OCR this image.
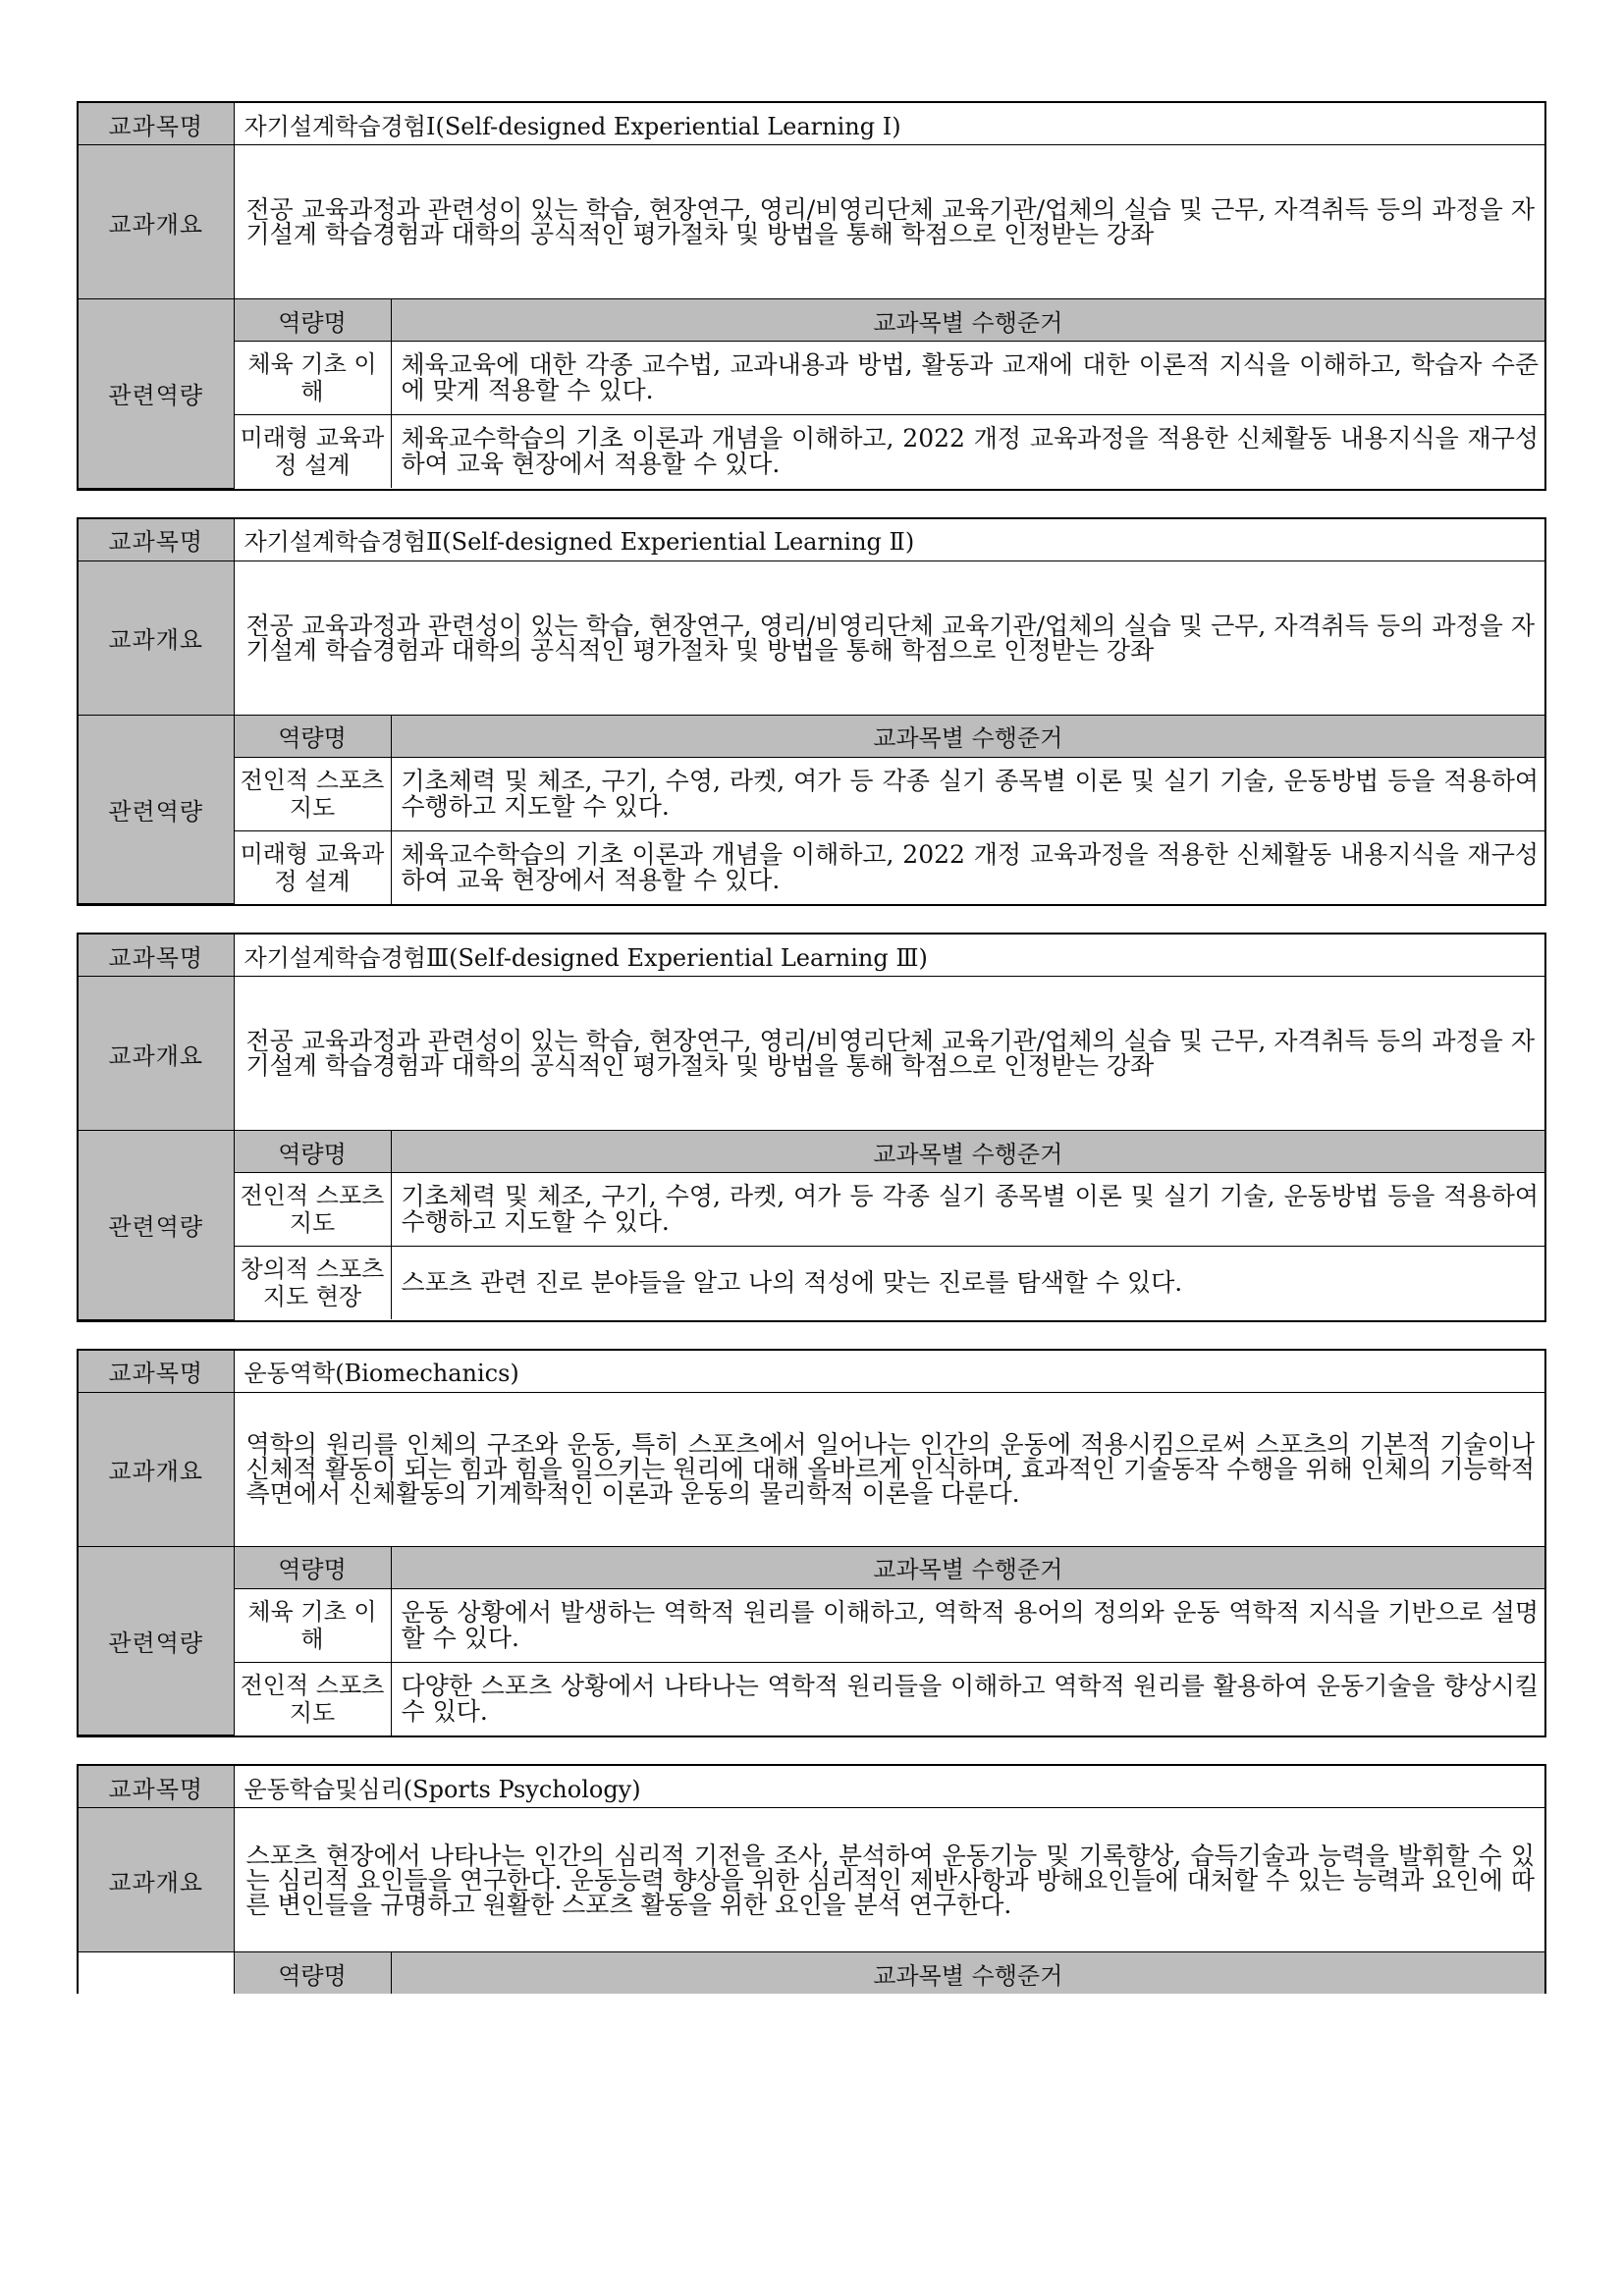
교과목명	자기설계학습경험Ⅰ(Self-designed Experiential Learning Ⅰ)	
교과개요	전공 교육과정과 관련성이 있는 학습, 현장연구, 영리/비영리단체 교육기관/업체의 실습 및 근무, 자격취득 등의 과정을 자기설계 학습경험과 대학의 공식적인 평가절차 및 방법을 통해 학점으로 인정받는 강좌	
관련역량	역량명	교과목별 수행준거
	체육 기초 이해	체육교육에 대한 각종 교수법, 교과내용과 방법, 활동과 교재에 대한 이론적 지식을 이해하고, 학습자 수준에 맞게 적용할 수 있다.
	미래형 교육과정 설계	체육교수학습의 기초 이론과 개념을 이해하고, 2022 개정 교육과정을 적용한 신체활동 내용지식을 재구성하여 교육 현장에서 적용할 수 있다.
교과목명	자기설계학습경험Ⅱ(Self-designed Experiential Learning Ⅱ)	
교과개요	전공 교육과정과 관련성이 있는 학습, 현장연구, 영리/비영리단체 교육기관/업체의 실습 및 근무, 자격취득 등의 과정을 자기설계 학습경험과 대학의 공식적인 평가절차 및 방법을 통해 학점으로 인정받는 강좌	
관련역량	역량명	교과목별 수행준거
	전인적 스포츠 지도	기초체력 및 체조, 구기, 수영, 라켓, 여가 등 각종 실기 종목별 이론 및 실기 기술, 운동방법 등을 적용하여 수행하고 지도할 수 있다.
	미래형 교육과정 설계	체육교수학습의 기초 이론과 개념을 이해하고, 2022 개정 교육과정을 적용한 신체활동 내용지식을 재구성하여 교육 현장에서 적용할 수 있다.
교과목명	자기설계학습경험Ⅲ(Self-designed Experiential Learning Ⅲ)	
교과개요	전공 교육과정과 관련성이 있는 학습, 현장연구, 영리/비영리단체 교육기관/업체의 실습 및 근무, 자격취득 등의 과정을 자기설계 학습경험과 대학의 공식적인 평가절차 및 방법을 통해 학점으로 인정받는 강좌	
관련역량	역량명	교과목별 수행준거
	전인적 스포츠 지도	기초체력 및 체조, 구기, 수영, 라켓, 여가 등 각종 실기 종목별 이론 및 실기 기술, 운동방법 등을 적용하여 수행하고 지도할 수 있다.
	창의적 스포츠지도 현장	스포츠 관련 진로 분야들을 알고 나의 적성에 맞는 진로를 탐색할 수 있다.
교과목명	운동역학(Biomechanics)	
교과개요	역학의 원리를 인체의 구조와 운동, 특히 스포츠에서 일어나는 인간의 운동에 적용시킴으로써 스포츠의 기본적 기술이나 신체적 활동이 되는 힘과 힘을 일으키는 원리에 대해 올바르게 인식하며, 효과적인 기술동작 수행을 위해 인체의 기능학적 측면에서 신체활동의 기계학적인 이론과 운동의 물리학적 이론을 다룬다.	
관련역량	역량명	교과목별 수행준거
	체육 기초 이해	운동 상황에서 발생하는 역학적 원리를 이해하고, 역학적 용어의 정의와 운동 역학적 지식을 기반으로 설명할 수 있다.
	전인적 스포츠 지도	다양한 스포츠 상황에서 나타나는 역학적 원리들을 이해하고 역학적 원리를 활용하여 운동기술을 향상시킬 수 있다.
교과목명	운동학습및심리(Sports Psychology)	
교과개요	스포츠 현장에서 나타나는 인간의 심리적 기전을 조사, 분석하여 운동기능 및 기록향상, 습득기술과 능력을 발휘할 수 있는 심리적 요인들을 연구한다. 운동능력 향상을 위한 심리적인 제반사항과 방해요인들에 대처할 수 있는 능력과 요인에 따른 변인들을 규명하고 원활한 스포츠 활동을 위한 요인을 분석 연구한다.	
	역량명	교과목별 수행준거
